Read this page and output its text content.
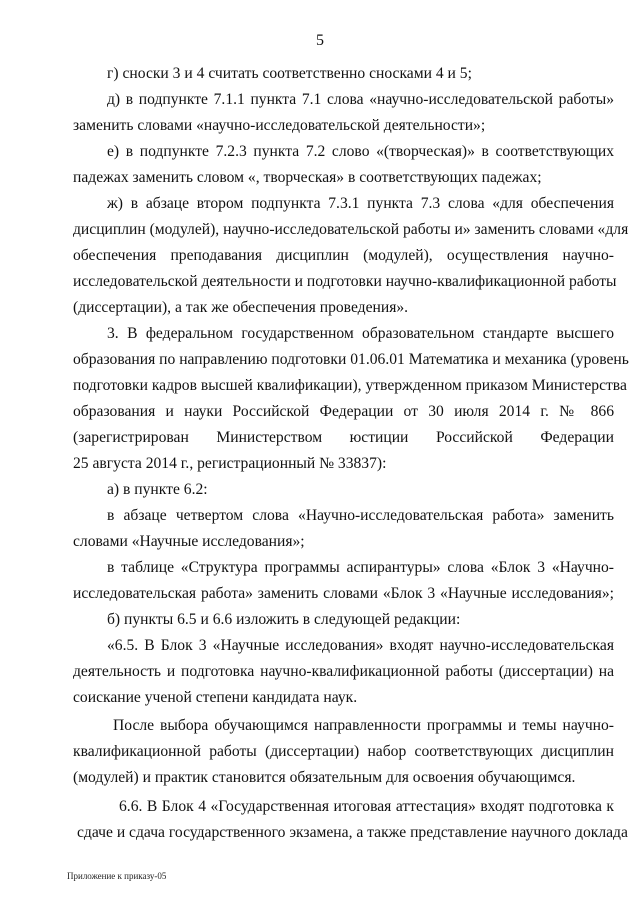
5
г) сноски 3 и 4 считать соответственно сносками 4 и 5;
д) в подпункте 7.1.1 пункта 7.1 слова «научно-исследовательской работы»
заменить словами «научно-исследовательской деятельности»;
е) в подпункте 7.2.3 пункта 7.2 слово «(творческая)» в соответствующих
падежах заменить словом «, творческая» в соответствующих падежах;
ж) в абзаце втором подпункта 7.3.1 пункта 7.3 слова «для обеспечения
дисциплин (модулей), научно-исследовательской работы и» заменить словами «для
обеспечения преподавания дисциплин (модулей), осуществления научно-
исследовательской деятельности и подготовки научно-квалификационной работы
(диссертации), а так же обеспечения проведения».
3. В федеральном государственном образовательном стандарте высшего
образования по направлению подготовки 01.06.01 Математика и механика (уровень
подготовки кадров высшей квалификации), утвержденном приказом Министерства
образования и науки Российской Федерации от 30 июля 2014 г. № 866
(зарегистрирован Министерством юстиции Российской Федерации
25 августа 2014 г., регистрационный № 33837):
а) в пункте 6.2:
в абзаце четвертом слова «Научно-исследовательская работа» заменить
словами «Научные исследования»;
в таблице «Структура программы аспирантуры» слова «Блок 3 «Научно-
исследовательская работа» заменить словами «Блок 3 «Научные исследования»;
б) пункты 6.5 и 6.6 изложить в следующей редакции:
«6.5. В Блок 3 «Научные исследования» входят научно-исследовательская
деятельность и подготовка научно-квалификационной работы (диссертации) на
соискание ученой степени кандидата наук.
После выбора обучающимся направленности программы и темы научно-
квалификационной работы (диссертации) набор соответствующих дисциплин
(модулей) и практик становится обязательным для освоения обучающимся.
6.6. В Блок 4 «Государственная итоговая аттестация» входят подготовка к
сдаче и сдача государственного экзамена, а также представление научного доклада
Приложение к приказу-05
